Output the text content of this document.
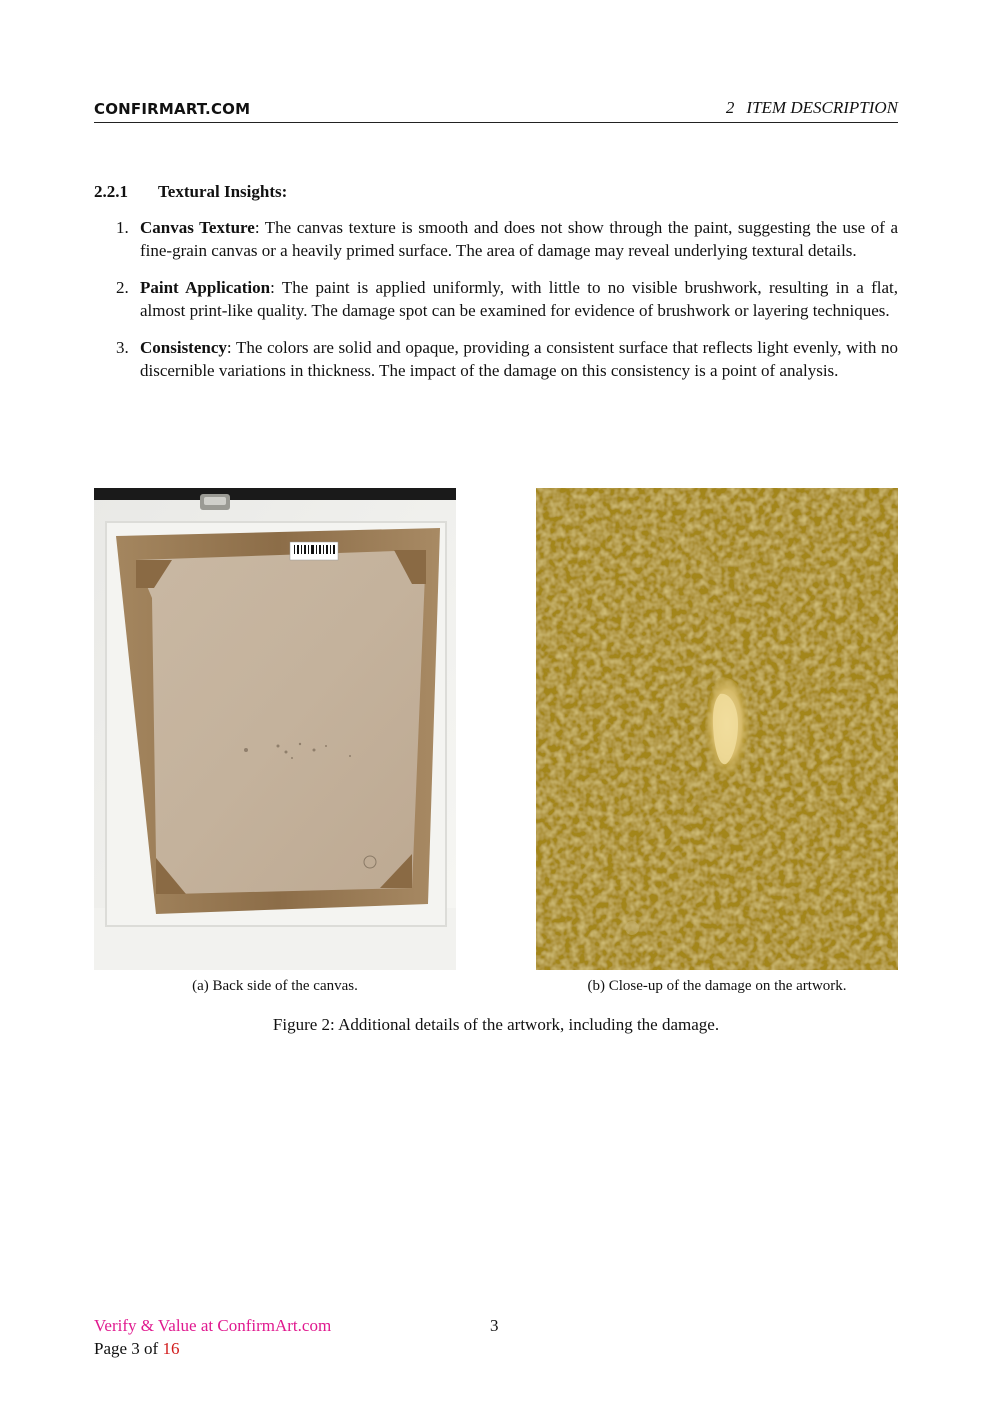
CONFIRMART.COM	2 ITEM DESCRIPTION
2.2.1 Textural Insights:
1. Canvas Texture: The canvas texture is smooth and does not show through the paint, suggesting the use of a fine-grain canvas or a heavily primed surface. The area of damage may reveal underlying textural details.
2. Paint Application: The paint is applied uniformly, with little to no visible brushwork, resulting in a flat, almost print-like quality. The damage spot can be examined for evidence of brushwork or layering techniques.
3. Consistency: The colors are solid and opaque, providing a consistent surface that reflects light evenly, with no discernible variations in thickness. The impact of the damage on this consistency is a point of analysis.
(a) Back side of the canvas.	(b) Close-up of the damage on the artwork.
Figure 2: Additional details of the artwork, including the damage.
Verify & Value at ConfirmArt.com	3
Page 3 of 16
